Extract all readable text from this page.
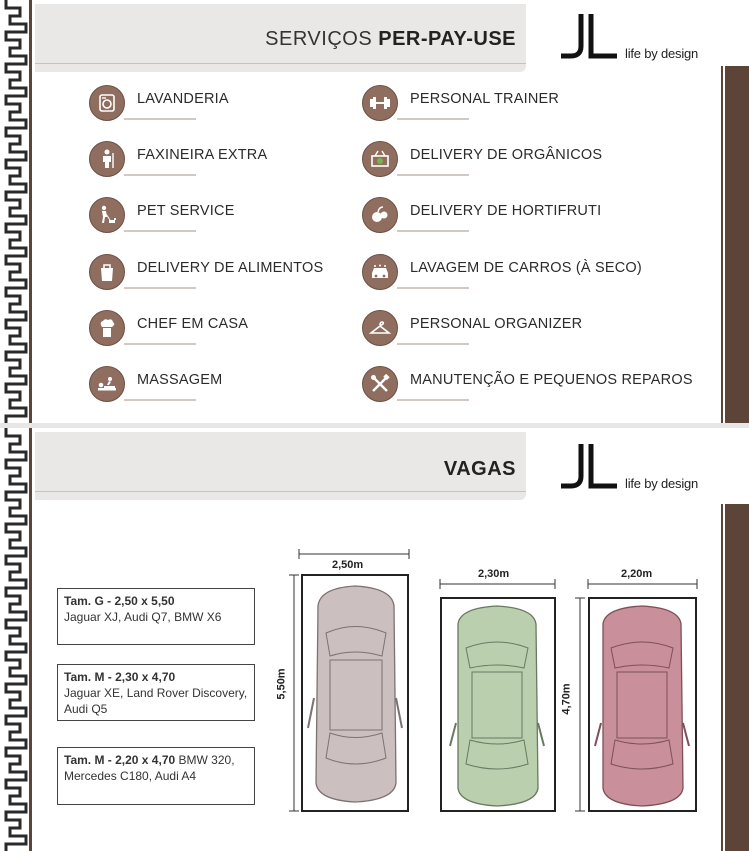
SERVIÇOS PER-PAY-USE
life by design
LAVANDERIA
FAXINEIRA EXTRA
PET SERVICE
DELIVERY DE ALIMENTOS
CHEF EM CASA
MASSAGEM
PERSONAL TRAINER
DELIVERY DE ORGÂNICOS
DELIVERY DE HORTIFRUTI
LAVAGEM DE CARROS (À SECO)
PERSONAL ORGANIZER
MANUTENÇÃO E PEQUENOS REPAROS
VAGAS
life by design
Tam. G - 2,50 x 5,50
Jaguar XJ, Audi Q7, BMW X6
Tam. M - 2,30 x 4,70
Jaguar XE, Land Rover Discovery, Audi Q5
Tam. M - 2,20 x 4,70 BMW 320, Mercedes C180, Audi A4
2,50m
2,30m	2,20m
5,50m	4,70m
